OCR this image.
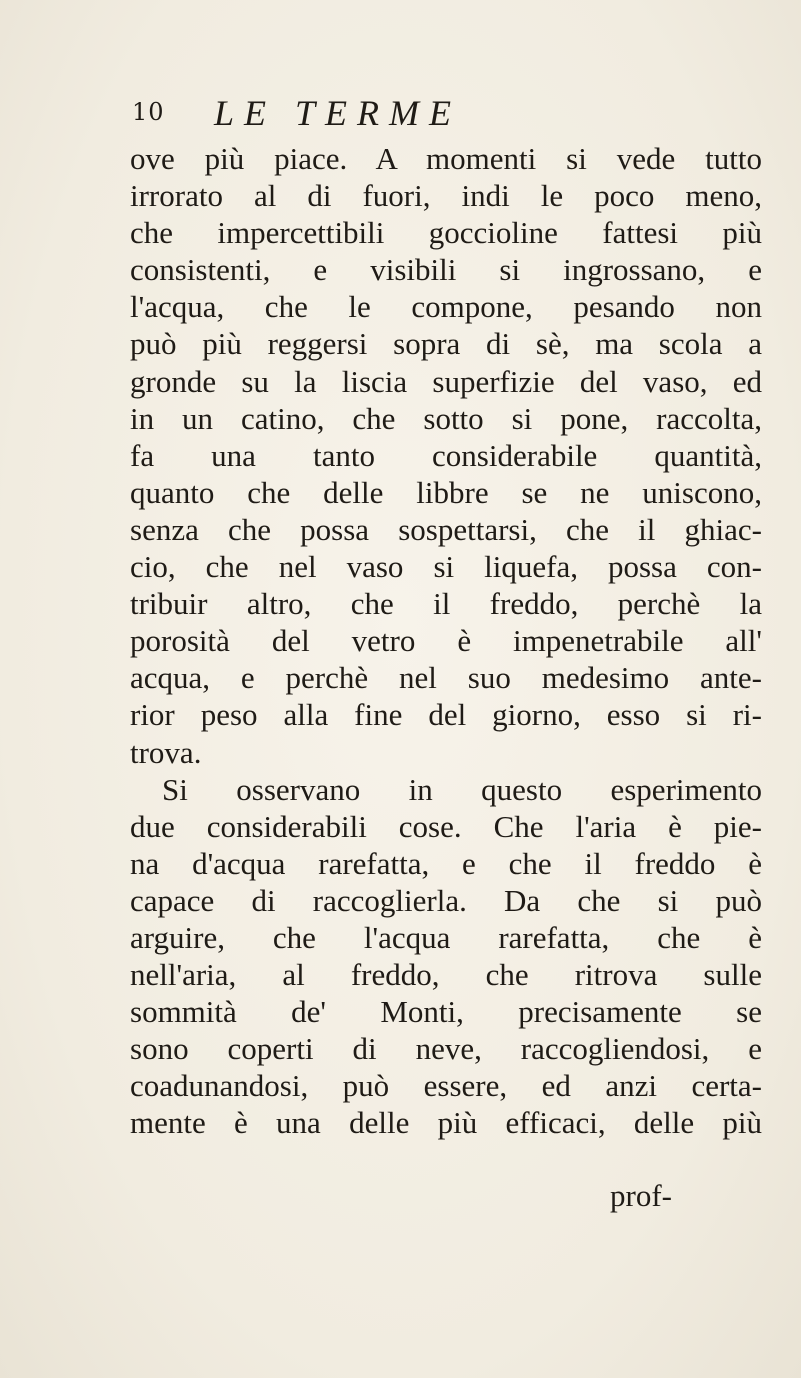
10 LE TERME
ove più piace. A momenti si vede tutto
irrorato al di fuori, indi le poco meno,
che impercettibili goccioline fattesi più
consistenti, e visibili si ingrossano, e
l'acqua, che le compone, pesando non
può più reggersi sopra di sè, ma scola a
gronde su la liscia superfizie del vaso, ed
in un catino, che sotto si pone, raccolta,
fa una tanto considerabile quantità,
quanto che delle libbre se ne uniscono,
senza che possa sospettarsi, che il ghiac-
cio, che nel vaso si liquefa, possa con-
tribuir altro, che il freddo, perchè la
porosità del vetro è impenetrabile all'
acqua, e perchè nel suo medesimo ante-
rior peso alla fine del giorno, esso si ri-
trova.
Si osservano in questo esperimento
due considerabili cose. Che l'aria è pie-
na d'acqua rarefatta, e che il freddo è
capace di raccoglierla. Da che si può
arguire, che l'acqua rarefatta, che è
nell'aria, al freddo, che ritrova sulle
sommità de' Monti, precisamente se
sono coperti di neve, raccogliendosi, e
coadunandosi, può essere, ed anzi certa-
mente è una delle più efficaci, delle più
prof-
